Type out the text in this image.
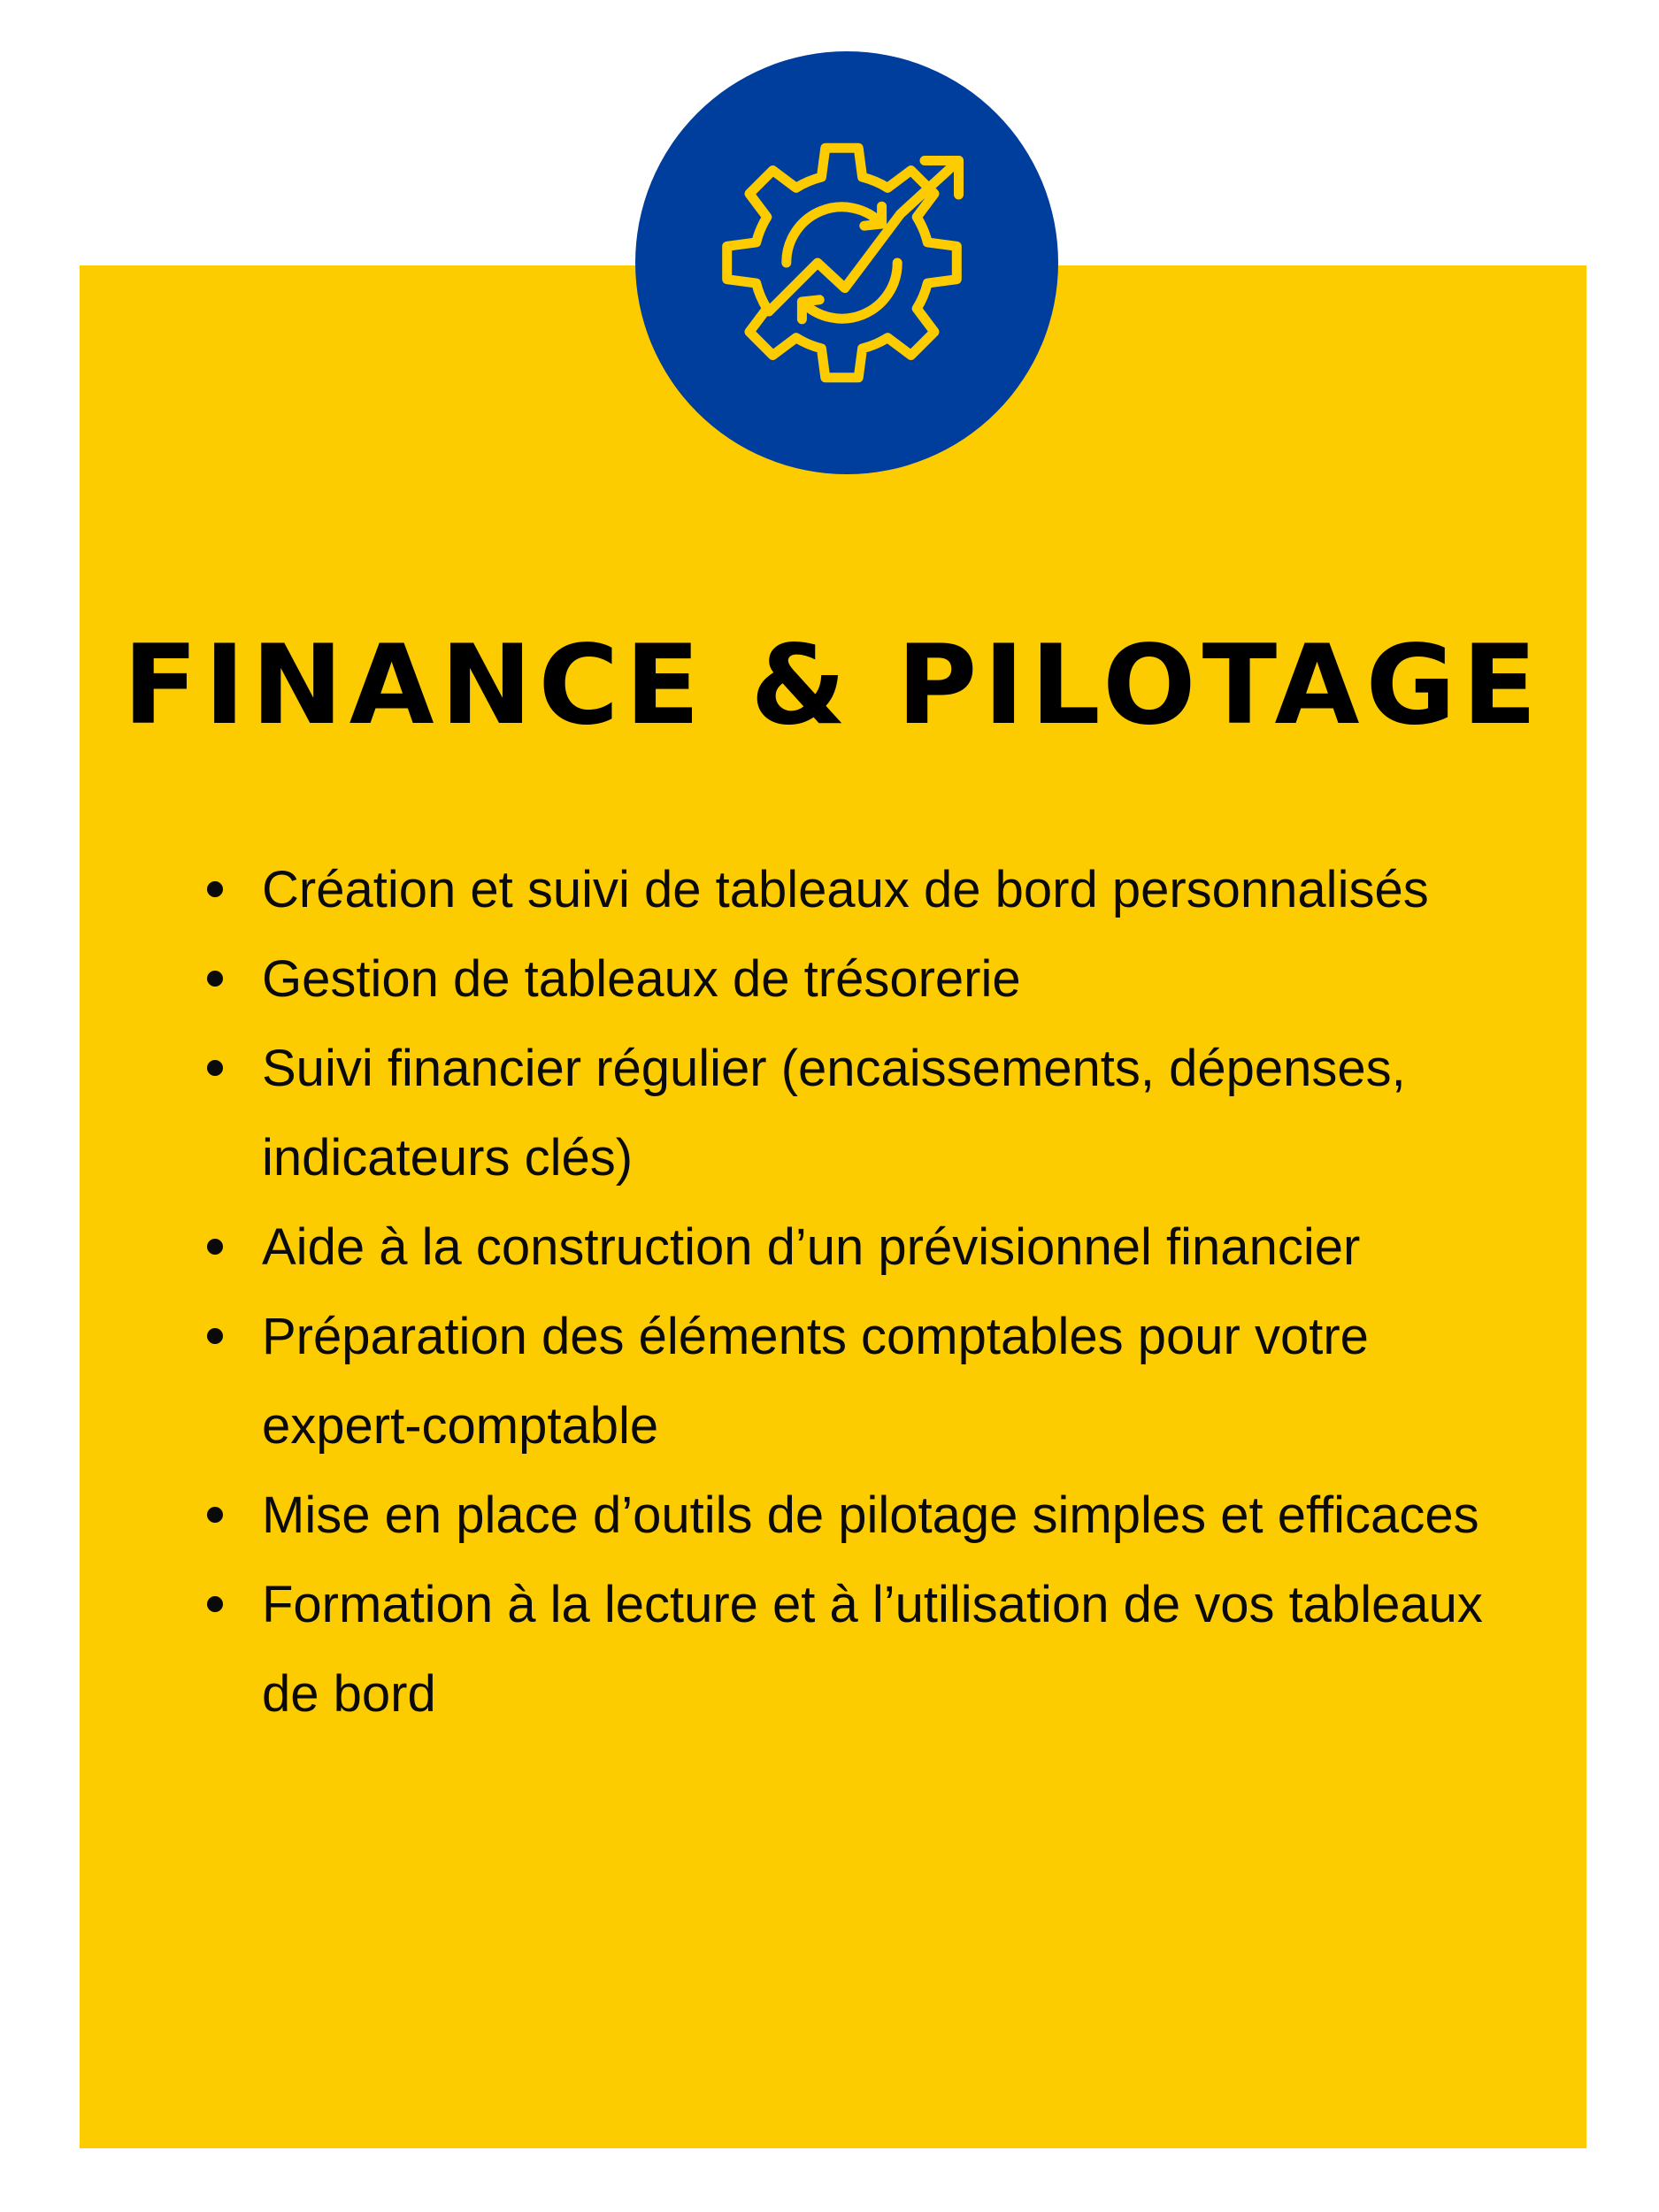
FINANCE & PILOTAGE
Création et suivi de tableaux de bord personnalisés
Gestion de tableaux de trésorerie
Suivi financier régulier (encaissements, dépenses, indicateurs clés)
Aide à la construction d’un prévisionnel financier
Préparation des éléments comptables pour votre expert-comptable
Mise en place d’outils de pilotage simples et efficaces
Formation à la lecture et à l’utilisation de vos tableaux de bord
